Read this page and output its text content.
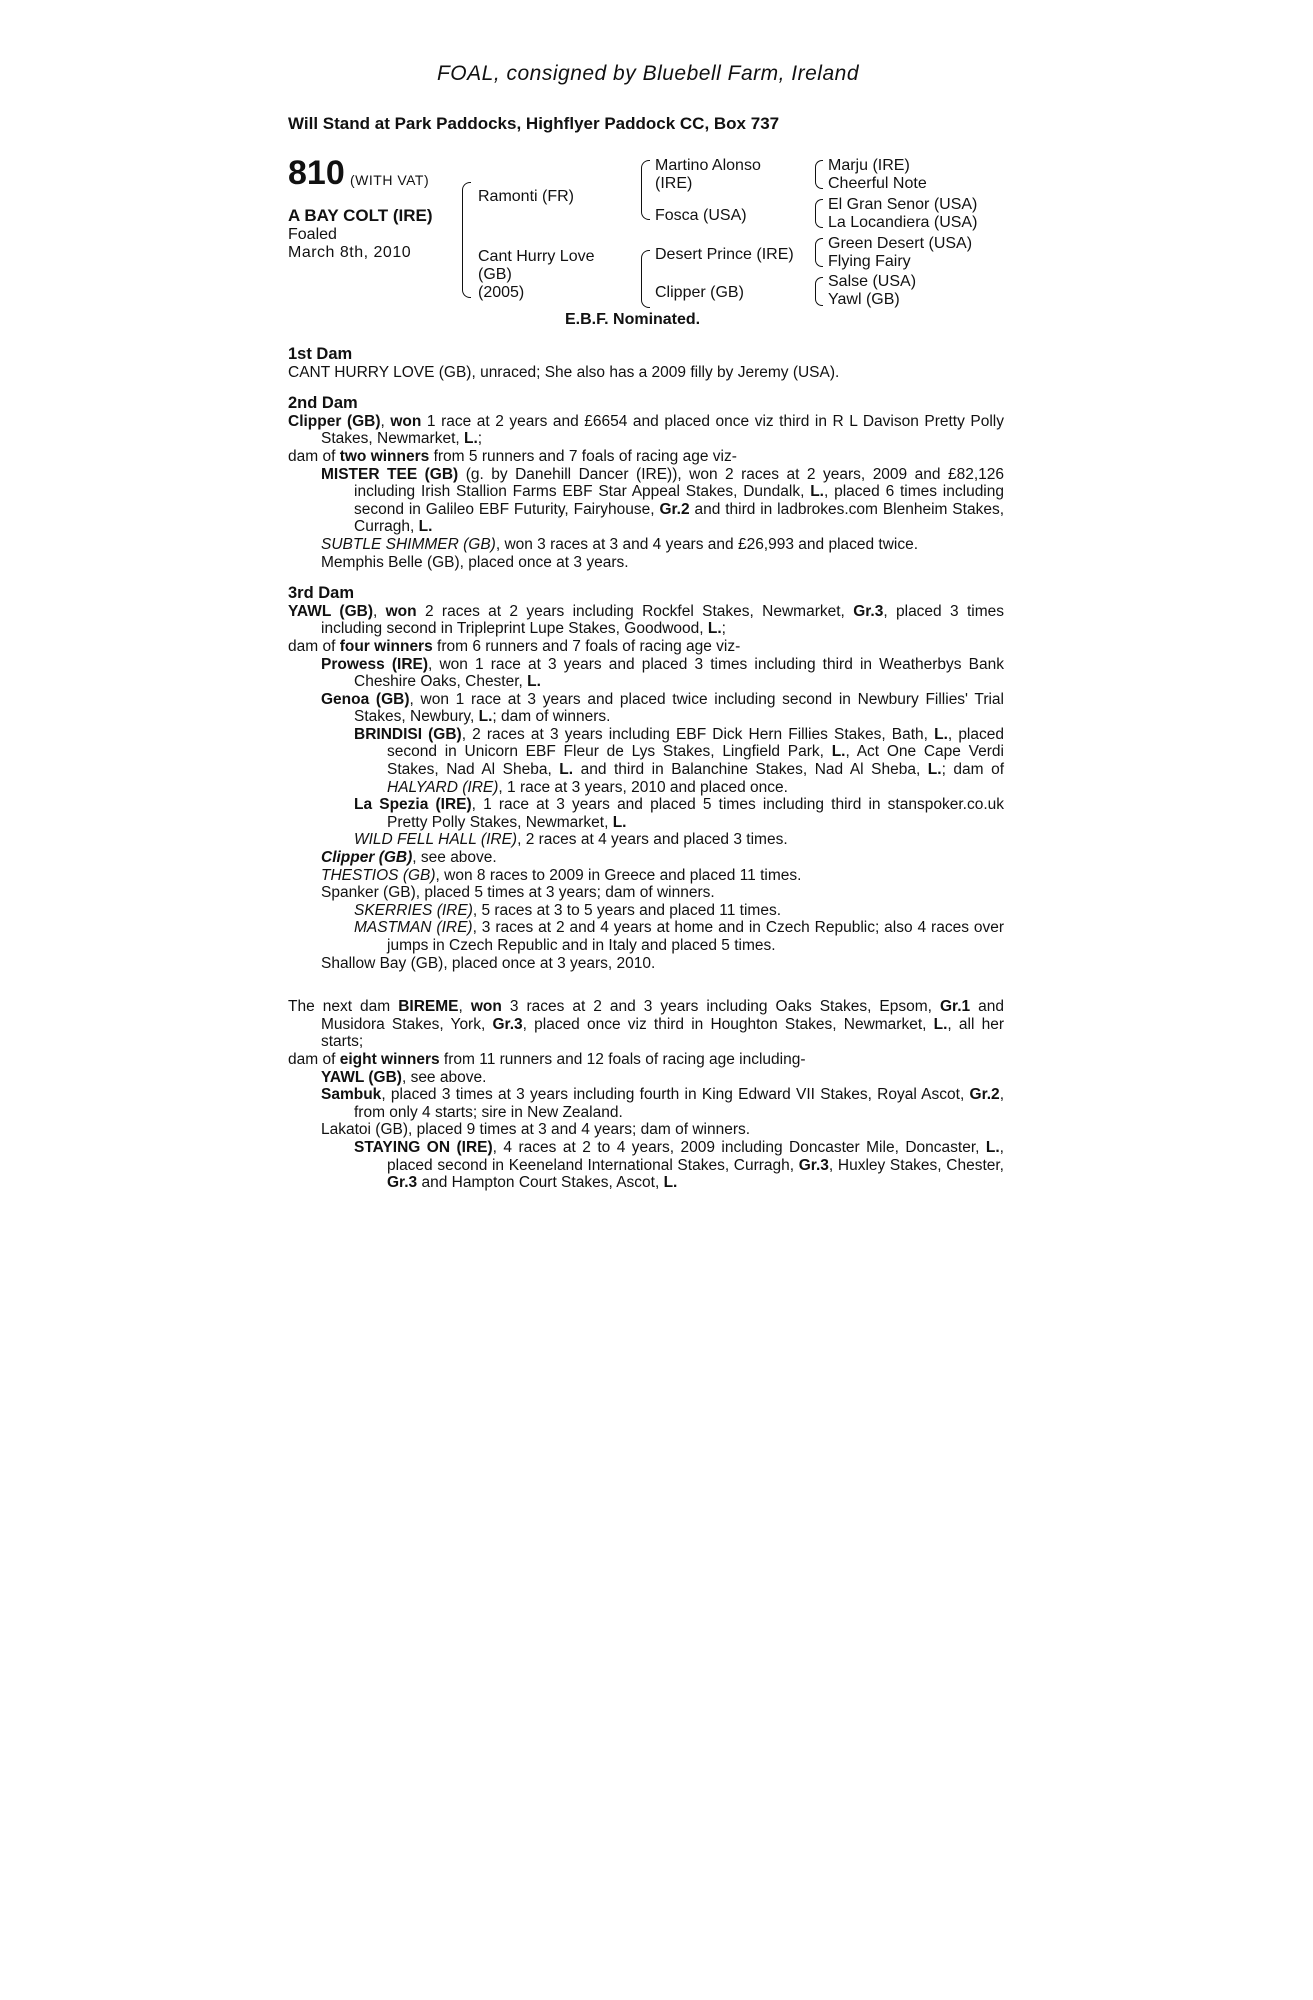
FOAL, consigned by Bluebell Farm, Ireland
Will Stand at Park Paddocks, Highflyer Paddock CC, Box 737
810 (WITH VAT)
A BAY COLT (IRE)
Foaled
March 8th, 2010
Ramonti (FR)
Cant Hurry Love
(GB)
(2005)
Martino Alonso
(IRE)
Fosca (USA)
Desert Prince (IRE)
Clipper (GB)
Marju (IRE)
Cheerful Note
El Gran Senor (USA)
La Locandiera (USA)
Green Desert (USA)
Flying Fairy
Salse (USA)
Yawl (GB)
E.B.F. Nominated.
1st Dam
CANT HURRY LOVE (GB), unraced; She also has a 2009 filly by Jeremy (USA).
2nd Dam
Clipper (GB), won 1 race at 2 years and £6654 and placed once viz third in R L Davison Pretty Polly Stakes, Newmarket, L.;
dam of two winners from 5 runners and 7 foals of racing age viz-
MISTER TEE (GB) (g. by Danehill Dancer (IRE)), won 2 races at 2 years, 2009 and £82,126 including Irish Stallion Farms EBF Star Appeal Stakes, Dundalk, L., placed 6 times including second in Galileo EBF Futurity, Fairyhouse, Gr.2 and third in ladbrokes.com Blenheim Stakes, Curragh, L.
SUBTLE SHIMMER (GB), won 3 races at 3 and 4 years and £26,993 and placed twice.
Memphis Belle (GB), placed once at 3 years.
3rd Dam
YAWL (GB), won 2 races at 2 years including Rockfel Stakes, Newmarket, Gr.3, placed 3 times including second in Tripleprint Lupe Stakes, Goodwood, L.;
dam of four winners from 6 runners and 7 foals of racing age viz-
Prowess (IRE), won 1 race at 3 years and placed 3 times including third in Weatherbys Bank Cheshire Oaks, Chester, L.
Genoa (GB), won 1 race at 3 years and placed twice including second in Newbury Fillies' Trial Stakes, Newbury, L.; dam of winners.
BRINDISI (GB), 2 races at 3 years including EBF Dick Hern Fillies Stakes, Bath, L., placed second in Unicorn EBF Fleur de Lys Stakes, Lingfield Park, L., Act One Cape Verdi Stakes, Nad Al Sheba, L. and third in Balanchine Stakes, Nad Al Sheba, L.; dam of HALYARD (IRE), 1 race at 3 years, 2010 and placed once.
La Spezia (IRE), 1 race at 3 years and placed 5 times including third in stanspoker.co.uk Pretty Polly Stakes, Newmarket, L.
WILD FELL HALL (IRE), 2 races at 4 years and placed 3 times.
Clipper (GB), see above.
THESTIOS (GB), won 8 races to 2009 in Greece and placed 11 times.
Spanker (GB), placed 5 times at 3 years; dam of winners.
SKERRIES (IRE), 5 races at 3 to 5 years and placed 11 times.
MASTMAN (IRE), 3 races at 2 and 4 years at home and in Czech Republic; also 4 races over jumps in Czech Republic and in Italy and placed 5 times.
Shallow Bay (GB), placed once at 3 years, 2010.
The next dam BIREME, won 3 races at 2 and 3 years including Oaks Stakes, Epsom, Gr.1 and Musidora Stakes, York, Gr.3, placed once viz third in Houghton Stakes, Newmarket, L., all her starts;
dam of eight winners from 11 runners and 12 foals of racing age including-
YAWL (GB), see above.
Sambuk, placed 3 times at 3 years including fourth in King Edward VII Stakes, Royal Ascot, Gr.2, from only 4 starts; sire in New Zealand.
Lakatoi (GB), placed 9 times at 3 and 4 years; dam of winners.
STAYING ON (IRE), 4 races at 2 to 4 years, 2009 including Doncaster Mile, Doncaster, L., placed second in Keeneland International Stakes, Curragh, Gr.3, Huxley Stakes, Chester, Gr.3 and Hampton Court Stakes, Ascot, L.
